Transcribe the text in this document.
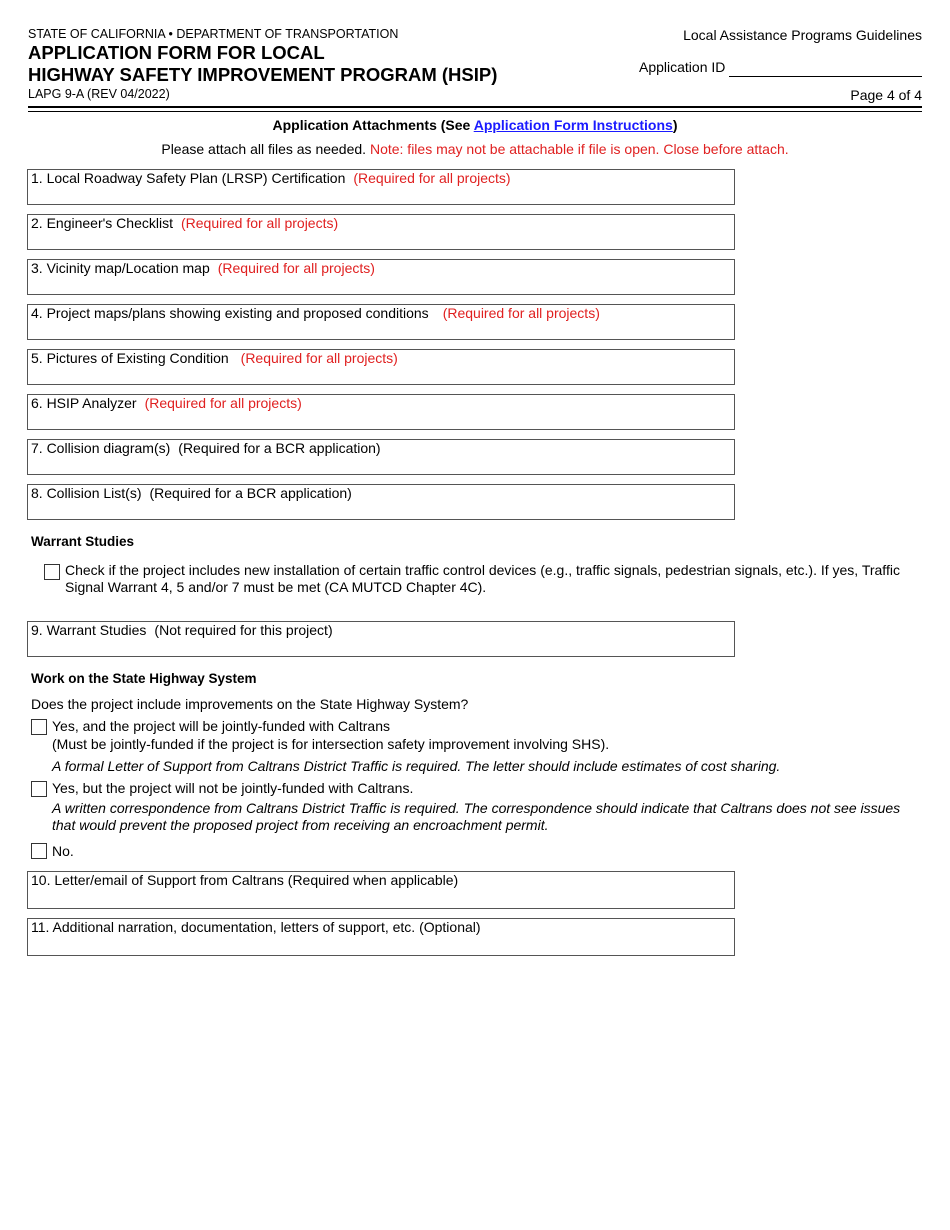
STATE OF CALIFORNIA • DEPARTMENT OF TRANSPORTATION
APPLICATION FORM FOR LOCAL
HIGHWAY SAFETY IMPROVEMENT PROGRAM (HSIP)
LAPG 9-A (REV 04/2022)
Local Assistance Programs Guidelines
Application ID
Page 4 of 4
Application Attachments (See Application Form Instructions)
Please attach all files as needed. Note: files may not be attachable if file is open. Close before attach.
1. Local Roadway Safety Plan (LRSP) Certification (Required for all projects)
2. Engineer's Checklist (Required for all projects)
3. Vicinity map/Location map (Required for all projects)
4. Project maps/plans showing existing and proposed conditions (Required for all projects)
5. Pictures of Existing Condition (Required for all projects)
6. HSIP Analyzer (Required for all projects)
7. Collision diagram(s) (Required for a BCR application)
8. Collision List(s) (Required for a BCR application)
Warrant Studies
Check if the project includes new installation of certain traffic control devices (e.g., traffic signals, pedestrian signals, etc.). If yes, Traffic Signal Warrant 4, 5 and/or 7 must be met (CA MUTCD Chapter 4C).
9. Warrant Studies (Not required for this project)
Work on the State Highway System
Does the project include improvements on the State Highway System?
Yes, and the project will be jointly-funded with Caltrans
(Must be jointly-funded if the project is for intersection safety improvement involving SHS).
A formal Letter of Support from Caltrans District Traffic is required. The letter should include estimates of cost sharing.
Yes, but the project will not be jointly-funded with Caltrans.
A written correspondence from Caltrans District Traffic is required. The correspondence should indicate that Caltrans does not see issues that would prevent the proposed project from receiving an encroachment permit.
No.
10. Letter/email of Support from Caltrans (Required when applicable)
11. Additional narration, documentation, letters of support, etc. (Optional)
